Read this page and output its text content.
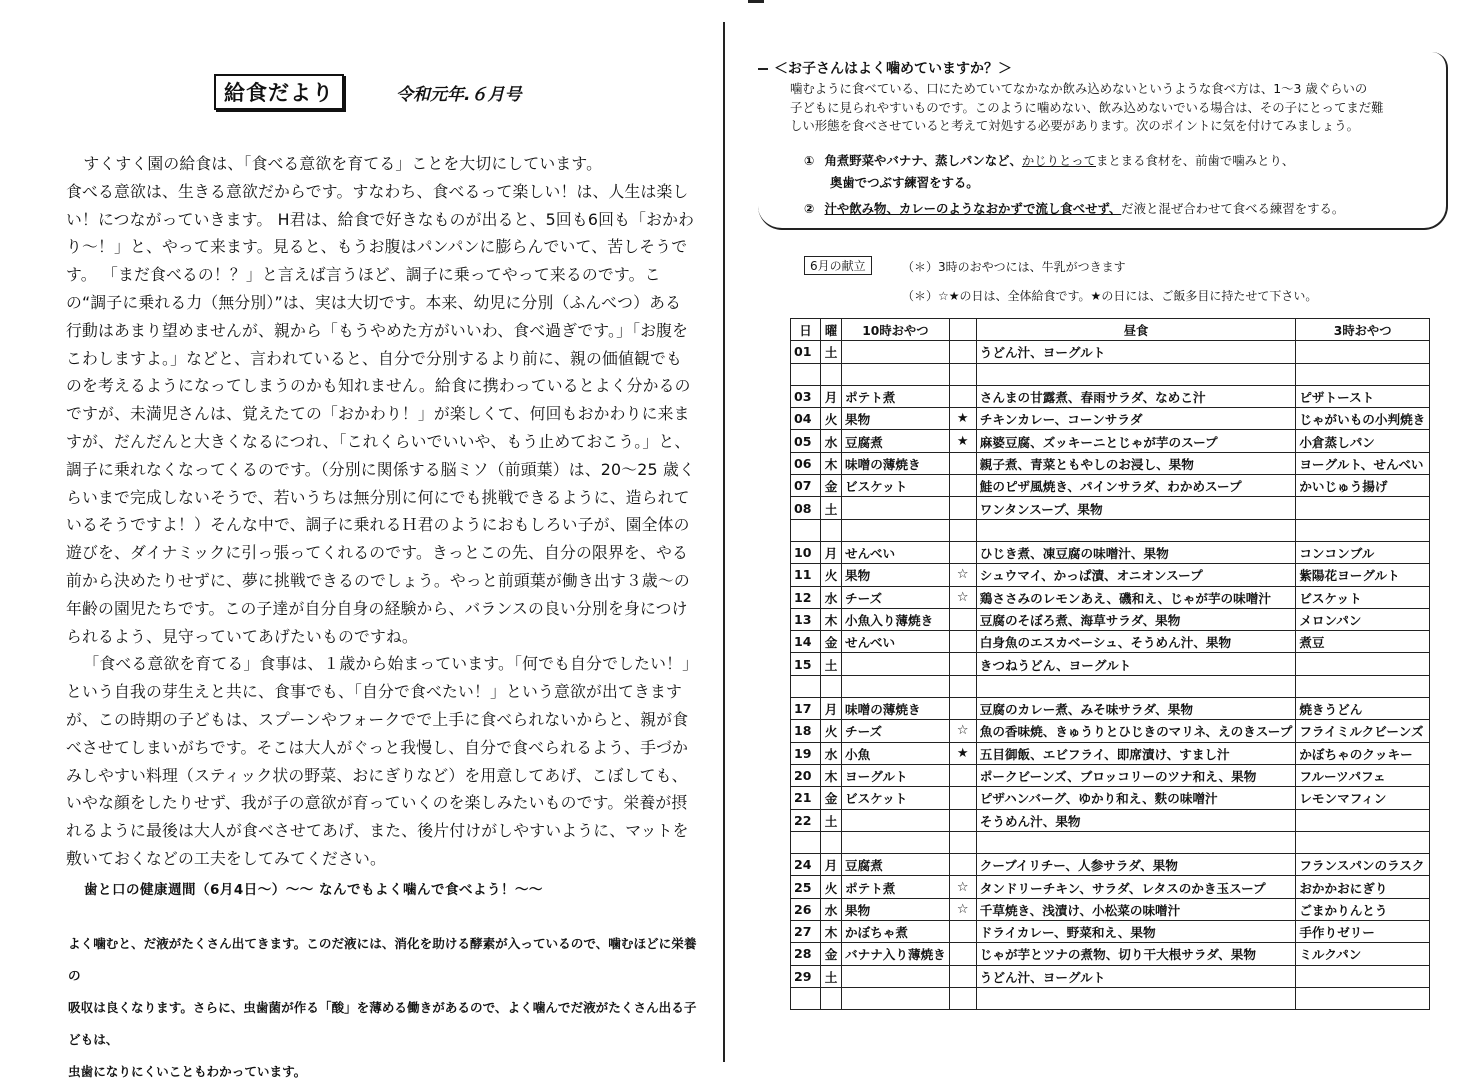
給食だより	令和元年.６月号

すくすく園の給食は、「食べる意欲を育てる」ことを大切にしています。

食べる意欲は、生きる意欲だからです。すなわち、食べるって楽しい！は、人生は楽しい！につながっていきます。 H君は、給食で好きなものが出ると、5回も6回も「おかわり～！」と、やって来ます。見ると、もうお腹はパンパンに膨らんでいて、苦しそうです。 「まだ食べるの！？」と言えば言うほど、調子に乗ってやって来るのです。この“調子に乗れる力（無分別）”は、実は大切です。本来、幼児に分別（ふんべつ）ある行動はあまり望めませんが、親から「もうやめた方がいいわ、食べ過ぎです。」「お腹をこわしますよ。」などと、言われていると、自分で分別するより前に、親の価値観でものを考えるようになってしまうのかも知れません。給食に携わっているとよく分かるのですが、未満児さんは、覚えたての「おかわり！」が楽しくて、何回もおかわりに来ますが、だんだんと大きくなるにつれ、「これくらいでいいや、もう止めておこう。」と、調子に乗れなくなってくるのです。（分別に関係する脳ミソ（前頭葉）は、20～25 歳くらいまで完成しないそうで、若いうちは無分別に何にでも挑戦できるように、造られているそうですよ！）そんな中で、調子に乗れるＨ君のようにおもしろい子が、園全体の遊びを、ダイナミックに引っ張ってくれるのです。きっとこの先、自分の限界を、やる前から決めたりせずに、夢に挑戦できるのでしょう。やっと前頭葉が働き出す３歳～の年齢の園児たちです。この子達が自分自身の経験から、バランスの良い分別を身につけられるよう、見守っていてあげたいものですね。

「食べる意欲を育てる」食事は、１歳から始まっています。「何でも自分でしたい！」という自我の芽生えと共に、食事でも、「自分で食べたい！」という意欲が出てきますが、この時期の子どもは、スプーンやフォークでで上手に食べられないからと、親が食べさせてしまいがちです。そこは大人がぐっと我慢し、自分で食べられるよう、手づかみしやすい料理（スティック状の野菜、おにぎりなど）を用意してあげ、こぼしても、いやな顔をしたりせず、我が子の意欲が育っていくのを楽しみたいものです。栄養が摂れるように最後は大人が食べさせてあげ、また、後片付けがしやすいように、マットを敷いておくなどの工夫をしてみてください。

歯と口の健康週間（6月4日～）～～ なんでもよく噛んで食べよう！～～

よく噛むと、だ液がたくさん出てきます。このだ液には、消化を助ける酵素が入っているので、噛むほどに栄養の

吸収は良くなります。さらに、虫歯菌が作る「酸」を薄める働きがあるので、よく噛んでだ液がたくさん出る子どもは、

虫歯になりにくいこともわかっています。

＜お子さんはよく噛めていますか？＞

噛むように食べている、口にためていてなかなか飲み込めないというような食べ方は、1～3 歳ぐらいの

子どもに見られやすいものです。このように噛めない、飲み込めないでいる場合は、その子にとってまだ難

しい形態を食べさせていると考えて対処する必要があります。次のポイントに気を付けてみましょう。

① 角煮野菜やバナナ、蒸しパンなど、かじりとってまとまる食材を、前歯で噛みとり、
奥歯でつぶす練習をする。
② 汁や飲み物、カレーのようなおかずで流し食べせず、だ液と混ぜ合わせて食べる練習をする。
6月の献立	（＊）3時のおやつには、牛乳がつきます
（＊）☆★の日は、全体給食です。★の日には、ご飯多目に持たせて下さい。
日	曜	10時おやつ		昼食	3時おやつ
01	土			うどん汁、ヨーグルト	

03	月	ポテト煮		さんまの甘露煮、春雨サラダ、なめこ汁	ピザトースト
04	火	果物	★	チキンカレー、コーンサラダ	じゃがいもの小判焼き
05	水	豆腐煮	★	麻婆豆腐、ズッキーニとじゃが芋のスープ	小倉蒸しパン
06	木	味噌の薄焼き		親子煮、青菜ともやしのお浸し、果物	ヨーグルト、せんべい
07	金	ビスケット		鮭のピザ風焼き、パインサラダ、わかめスープ	かいじゅう揚げ
08	土			ワンタンスープ、果物	

10	月	せんべい		ひじき煮、凍豆腐の味噌汁、果物	コンコンブル
11	火	果物	☆	シュウマイ、かっぱ漬、オニオンスープ	紫陽花ヨーグルト
12	水	チーズ	☆	鶏ささみのレモンあえ、磯和え、じゃが芋の味噌汁	ビスケット
13	木	小魚入り薄焼き		豆腐のそぼろ煮、海草サラダ、果物	メロンパン
14	金	せんべい		白身魚のエスカベーシュ、そうめん汁、果物	煮豆
15	土			きつねうどん、ヨーグルト	

17	月	味噌の薄焼き		豆腐のカレー煮、みそ味サラダ、果物	焼きうどん
18	火	チーズ	☆	魚の香味焼、きゅうりとひじきのマリネ、えのきスープ	フライミルクビーンズ
19	水	小魚	★	五目御飯、エビフライ、即席漬け、すまし汁	かぼちゃのクッキー
20	木	ヨーグルト		ポークビーンズ、ブロッコリーのツナ和え、果物	フルーツパフェ
21	金	ビスケット		ピザハンバーグ、ゆかり和え、麩の味噌汁	レモンマフィン
22	土			そうめん汁、果物	

24	月	豆腐煮		クーブイリチー、人参サラダ、果物	フランスパンのラスク
25	火	ポテト煮	☆	タンドリーチキン、サラダ、レタスのかき玉スープ	おかかおにぎり
26	水	果物	☆	千草焼き、浅漬け、小松菜の味噌汁	ごまかりんとう
27	木	かぼちゃ煮		ドライカレー、野菜和え、果物	手作りゼリー
28	金	バナナ入り薄焼き		じゃが芋とツナの煮物、切り干大根サラダ、果物	ミルクパン
29	土			うどん汁、ヨーグルト	
